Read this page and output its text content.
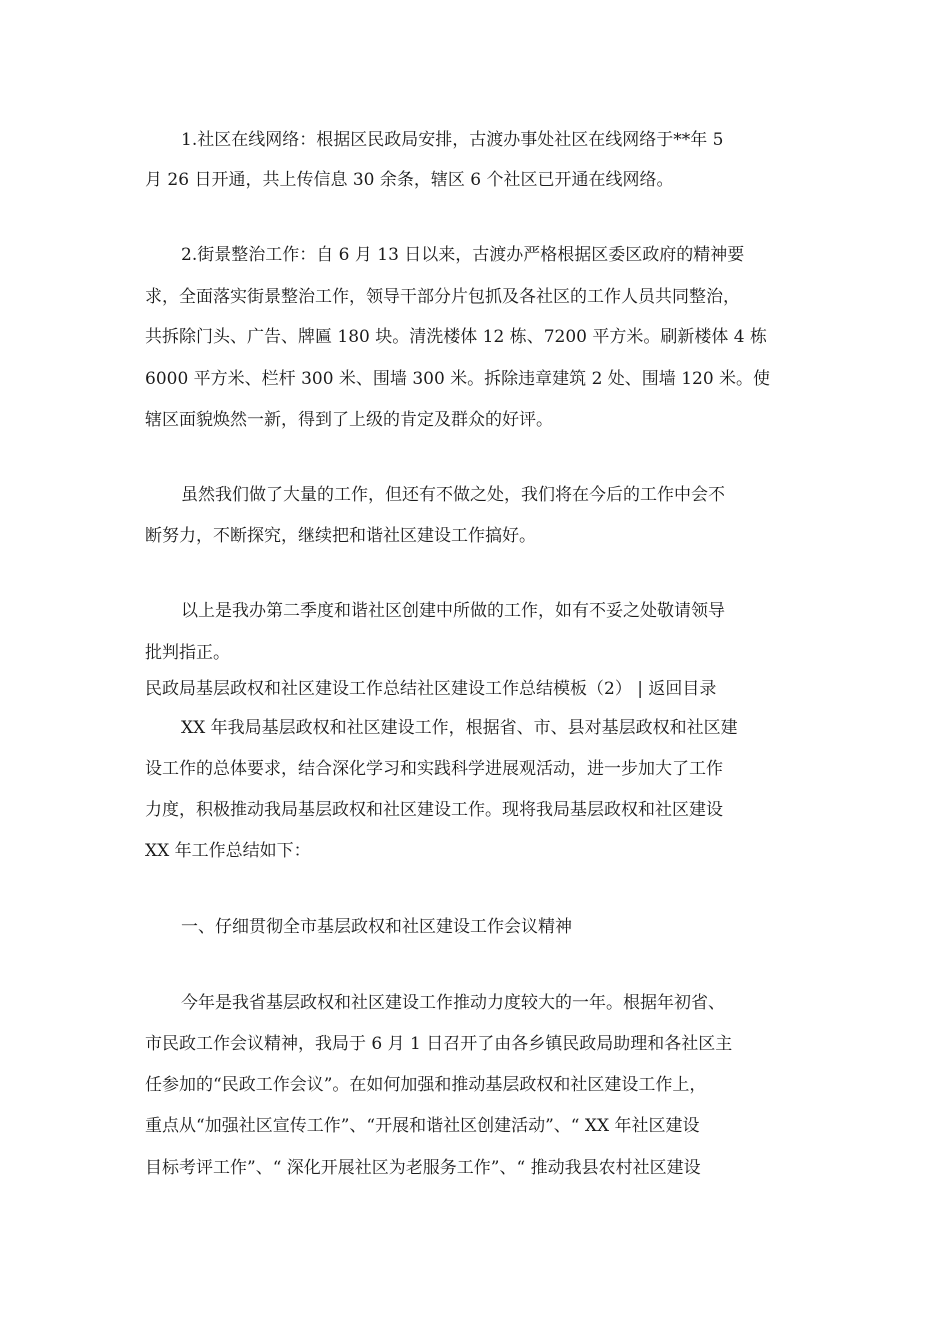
1.社区在线网络：根据区民政局安排，古渡办事处社区在线网络于**年 5
月 26 日开通，共上传信息 30 余条，辖区 6 个社区已开通在线网络。
2.街景整治工作：自 6 月 13 日以来，古渡办严格根据区委区政府的精神要
求，全面落实街景整治工作，领导干部分片包抓及各社区的工作人员共同整治，
共拆除门头、广告、牌匾 180 块。清洗楼体 12 栋、7200 平方米。刷新楼体 4 栋
6000 平方米、栏杆 300 米、围墙 300 米。拆除违章建筑 2 处、围墙 120 米。使
辖区面貌焕然一新，得到了上级的肯定及群众的好评。
虽然我们做了大量的工作，但还有不做之处，我们将在今后的工作中会不
断努力，不断探究，继续把和谐社区建设工作搞好。
以上是我办第二季度和谐社区创建中所做的工作，如有不妥之处敬请领导
批判指正。
民政局基层政权和社区建设工作总结社区建设工作总结模板（2） | 返回目录
XX 年我局基层政权和社区建设工作，根据省、市、县对基层政权和社区建
设工作的总体要求，结合深化学习和实践科学进展观活动，进一步加大了工作
力度，积极推动我局基层政权和社区建设工作。现将我局基层政权和社区建设
XX 年工作总结如下：
一、仔细贯彻全市基层政权和社区建设工作会议精神
今年是我省基层政权和社区建设工作推动力度较大的一年。根据年初省、
市民政工作会议精神，我局于 6 月 1 日召开了由各乡镇民政局助理和各社区主
任参加的“民政工作会议”。在如何加强和推动基层政权和社区建设工作上，
重点从“加强社区宣传工作”、“开展和谐社区创建活动”、“ XX 年社区建设
目标考评工作”、“ 深化开展社区为老服务工作”、“ 推动我县农村社区建设
